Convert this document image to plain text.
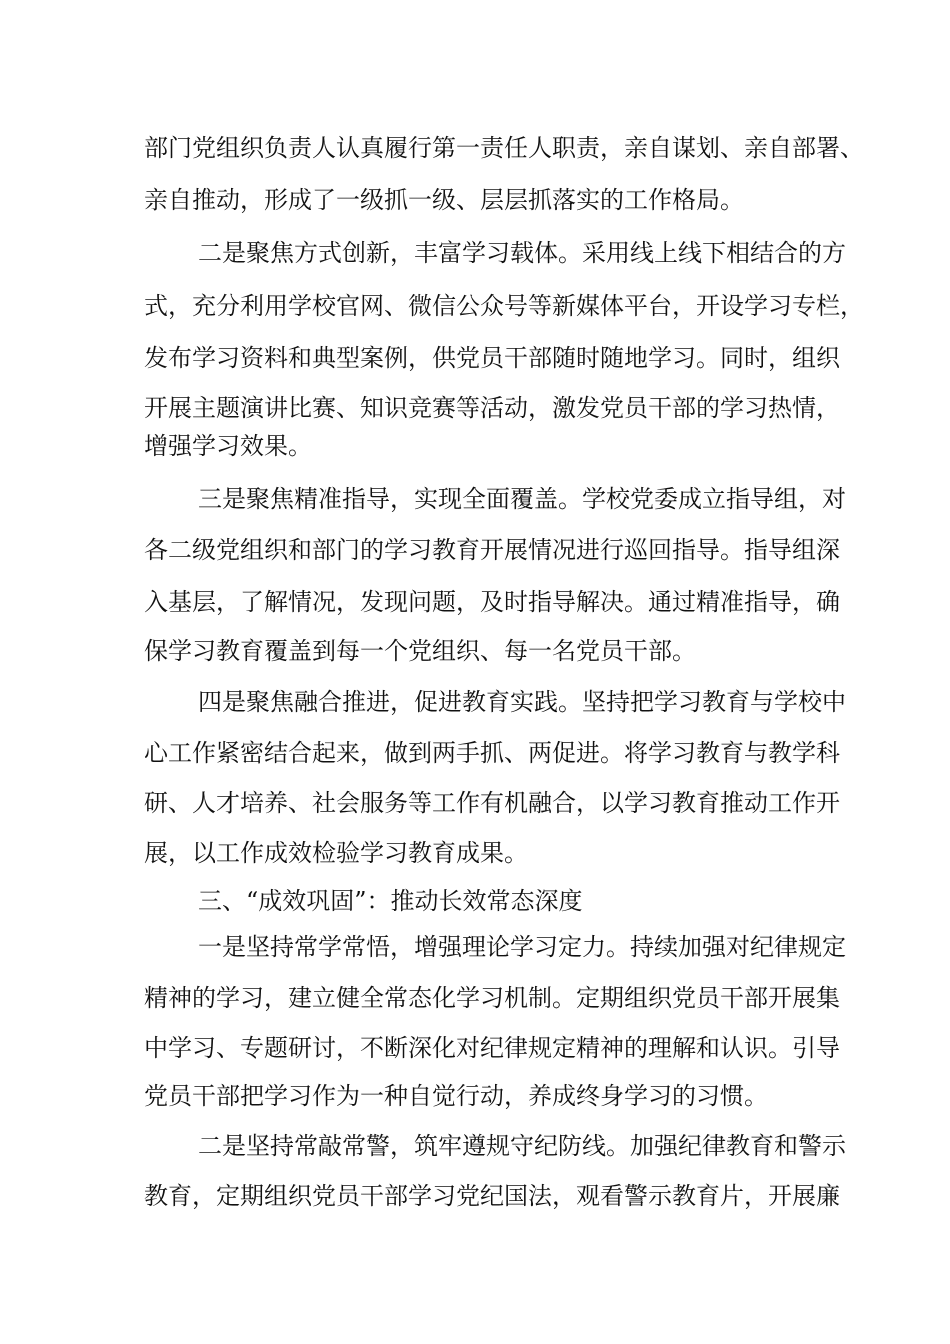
部门党组织负责人认真履行第一责任人职责，亲自谋划、亲自部署、
亲自推动，形成了一级抓一级、层层抓落实的工作格局。
二是聚焦方式创新，丰富学习载体。采用线上线下相结合的方
式，充分利用学校官网、微信公众号等新媒体平台，开设学习专栏，
发布学习资料和典型案例，供党员干部随时随地学习。同时，组织
开展主题演讲比赛、知识竞赛等活动，激发党员干部的学习热情，
增强学习效果。
三是聚焦精准指导，实现全面覆盖。学校党委成立指导组，对
各二级党组织和部门的学习教育开展情况进行巡回指导。指导组深
入基层，了解情况，发现问题，及时指导解决。通过精准指导，确
保学习教育覆盖到每一个党组织、每一名党员干部。
四是聚焦融合推进，促进教育实践。坚持把学习教育与学校中
心工作紧密结合起来，做到两手抓、两促进。将学习教育与教学科
研、人才培养、社会服务等工作有机融合，以学习教育推动工作开
展，以工作成效检验学习教育成果。
三、“成效巩固”：推动长效常态深度
一是坚持常学常悟，增强理论学习定力。持续加强对纪律规定
精神的学习，建立健全常态化学习机制。定期组织党员干部开展集
中学习、专题研讨，不断深化对纪律规定精神的理解和认识。引导
党员干部把学习作为一种自觉行动，养成终身学习的习惯。
二是坚持常敲常警，筑牢遵规守纪防线。加强纪律教育和警示
教育，定期组织党员干部学习党纪国法，观看警示教育片，开展廉
